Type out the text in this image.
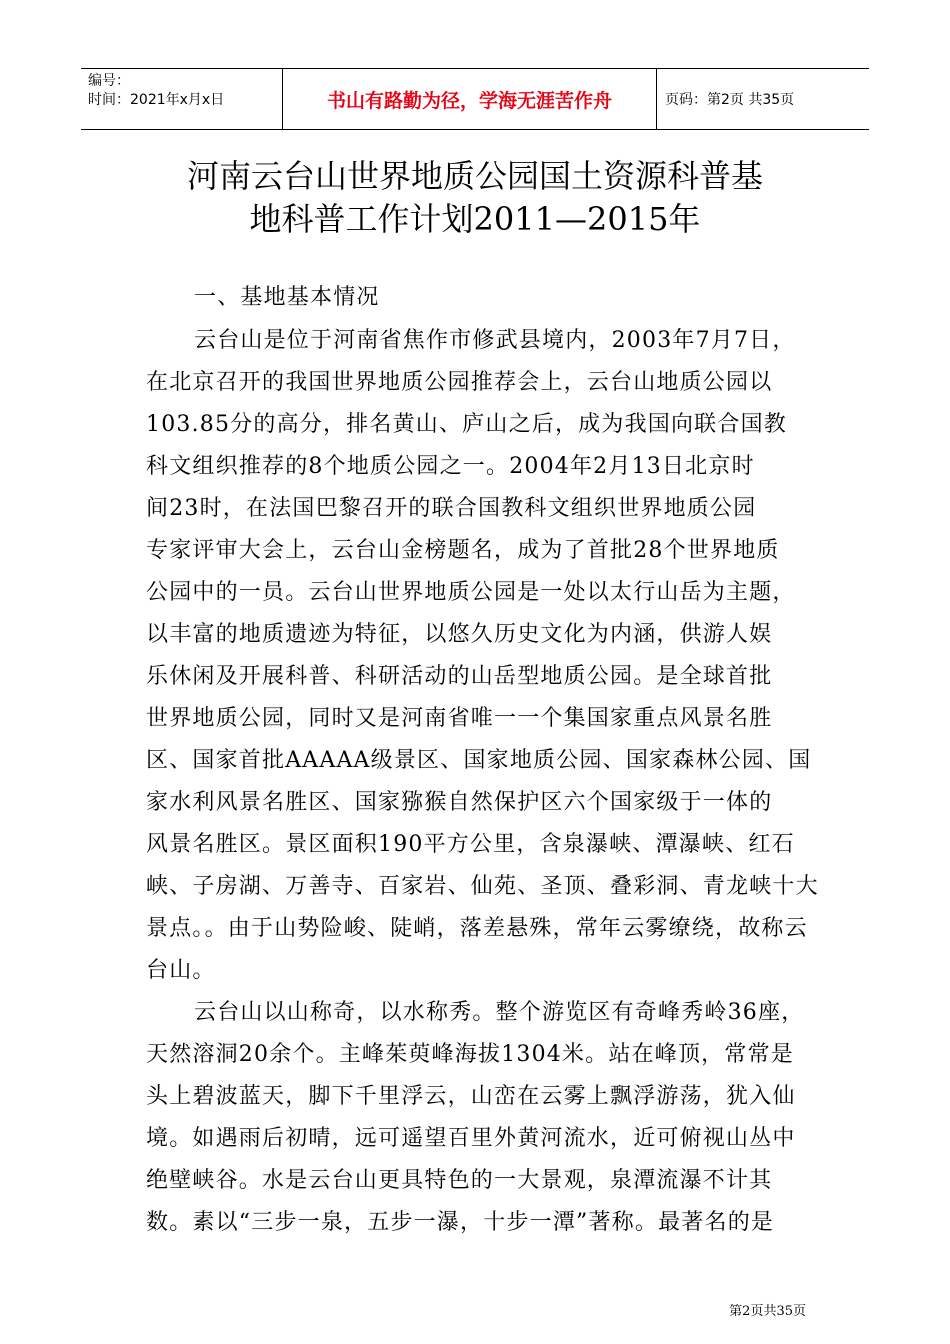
编号：
时间：2021年x月x日	书山有路勤为径，学海无涯苦作舟	页码：第2页 共35页
河南云台山世界地质公园国土资源科普基
地科普工作计划2011—2015年
一、基地基本情况
云台山是位于河南省焦作市修武县境内，2003年7月7日，
在北京召开的我国世界地质公园推荐会上，云台山地质公园以
103.85分的高分，排名黄山、庐山之后，成为我国向联合国教
科文组织推荐的8个地质公园之一。2004年2月13日北京时
间23时，在法国巴黎召开的联合国教科文组织世界地质公园
专家评审大会上，云台山金榜题名，成为了首批28个世界地质
公园中的一员。云台山世界地质公园是一处以太行山岳为主题，
以丰富的地质遗迹为特征，以悠久历史文化为内涵，供游人娱
乐休闲及开展科普、科研活动的山岳型地质公园。是全球首批
世界地质公园，同时又是河南省唯一一个集国家重点风景名胜
区、国家首批AAAAA级景区、国家地质公园、国家森林公园、国
家水利风景名胜区、国家猕猴自然保护区六个国家级于一体的
风景名胜区。景区面积190平方公里，含泉瀑峡、潭瀑峡、红石
峡、子房湖、万善寺、百家岩、仙苑、圣顶、叠彩洞、青龙峡十大
景点。。由于山势险峻、陡峭，落差悬殊，常年云雾缭绕，故称云
台山。
云台山以山称奇，以水称秀。整个游览区有奇峰秀岭36座，
天然溶洞20余个。主峰茱萸峰海拔1304米。站在峰顶，常常是
头上碧波蓝天，脚下千里浮云，山峦在云雾上飘浮游荡，犹入仙
境。如遇雨后初晴，远可遥望百里外黄河流水，近可俯视山丛中
绝壁峡谷。水是云台山更具特色的一大景观，泉潭流瀑不计其
数。素以“三步一泉，五步一瀑，十步一潭”著称。最著名的是
第2页共35页
